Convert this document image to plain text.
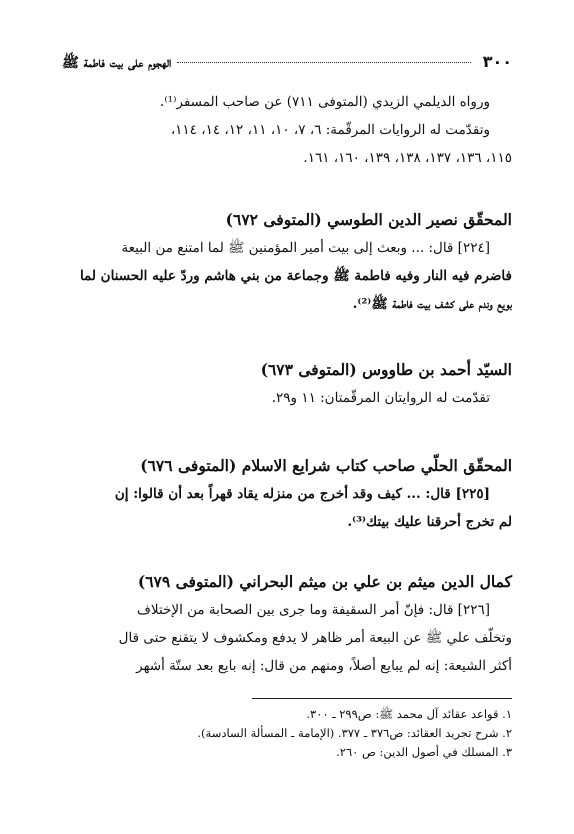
٣٠٠
الهجوم على بيت فاطمة ﷺ
ورواه الديلمي الزيدي (المتوفى ٧١١) عن صاحب المسفر⁽¹⁾.
وتقدّمت له الروايات المرقّمة: ٦، ٧، ١٠، ١١، ١٢، ١٤، ١١٤،
١١٥، ١٣٦، ١٣٧، ١٣٨، ١٣٩، ١٦٠، ١٦١.
المحقّق نصير الدين الطوسي (المتوفى ٦٧٢)
[٢٢٤] قال: ... وبعث إلى بيت أمير المؤمنين ﷺ لما امتنع من البيعة
فاضرم فيه النار وفيه فاطمة ﷺ وجماعة من بني هاشم وردّ عليه الحسنان لما
بويع وندم على كشف بيت فاطمة ﷺ⁽²⁾.
السيّد أحمد بن طاووس (المتوفى ٦٧٣)
تقدّمت له الروايتان المرقّمتان: ١١ و٢٩.
المحقّق الحلّي صاحب كتاب شرايع الاسلام (المتوفى ٦٧٦)
[٢٢٥] قال: ... كيف وقد أخرج من منزله يقاد قهراً بعد أن قالوا: إن
لم تخرج أحرقنا عليك بيتك⁽³⁾.
كمال الدين ميثم بن علي بن ميثم البحراني (المتوفى ٦٧٩)
[٢٢٦] قال: فإنّ أمر السقيفة وما جرى بين الصحابة من الإختلاف
وتخلّف علي ﷺ عن البيعة أمر ظاهر لا يدفع ومكشوف لا يتقنع حتى قال
أكثر الشيعة: إنه لم يبايع أصلاً، ومنهم من قال: إنه بايع بعد ستّة أشهر
١. قواعد عقائد آل محمد ﷺ: ص٢٩٩ ـ ٣٠٠.
٢. شرح تجريد العقائد: ص٣٧٦ ـ ٣٧٧. (الإمامة ـ المسألة السادسة).
٣. المسلك في أصول الدين: ص ٢٦٠.
